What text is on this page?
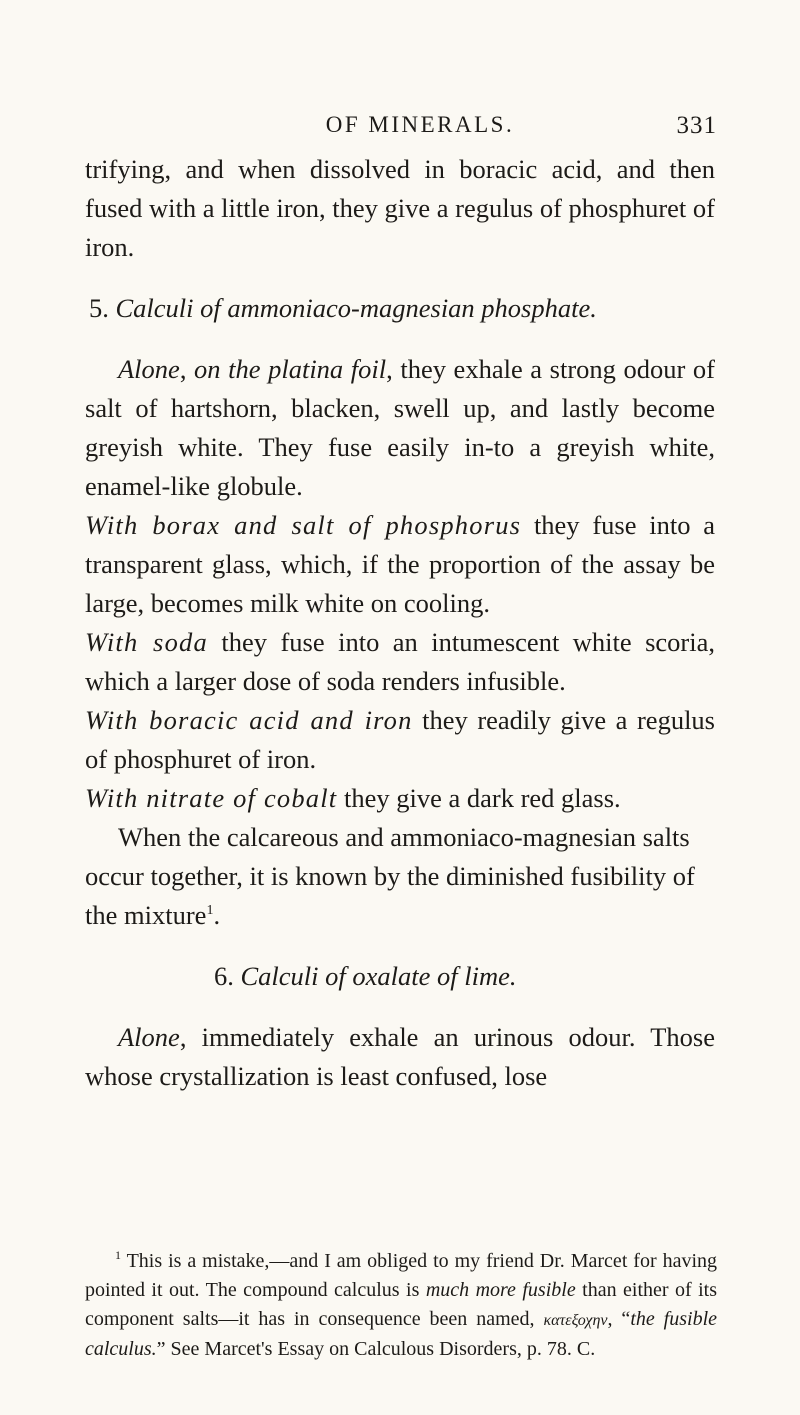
OF MINERALS.	331

trifying, and when dissolved in boracic acid, and then fused with a little iron, they give a regulus of phosphuret of iron.

5. Calculi of ammoniaco-magnesian phosphate.

Alone, on the platina foil, they exhale a strong odour of salt of hartshorn, blacken, swell up, and lastly become greyish white. They fuse easily in-to a greyish white, enamel-like globule.

With borax and salt of phosphorus they fuse into a transparent glass, which, if the proportion of the assay be large, becomes milk white on cooling.

With soda they fuse into an intumescent white scoria, which a larger dose of soda renders infusible.

With boracic acid and iron they readily give a regulus of phosphuret of iron.

With nitrate of cobalt they give a dark red glass.

When the calcareous and ammoniaco-magnesian salts occur together, it is known by the diminished fusibility of the mixture$^1$.

6. Calculi of oxalate of lime.

Alone, immediately exhale an urinous odour. Those whose crystallization is least confused, lose

$^1$ This is a mistake,—and I am obliged to my friend Dr. Marcet for having pointed it out. The compound calculus is much more fusible than either of its component salts—it has in consequence been named, κατεξοχην, “the fusible calculus.” See Marcet's Essay on Calculous Disorders, p. 78. C.
